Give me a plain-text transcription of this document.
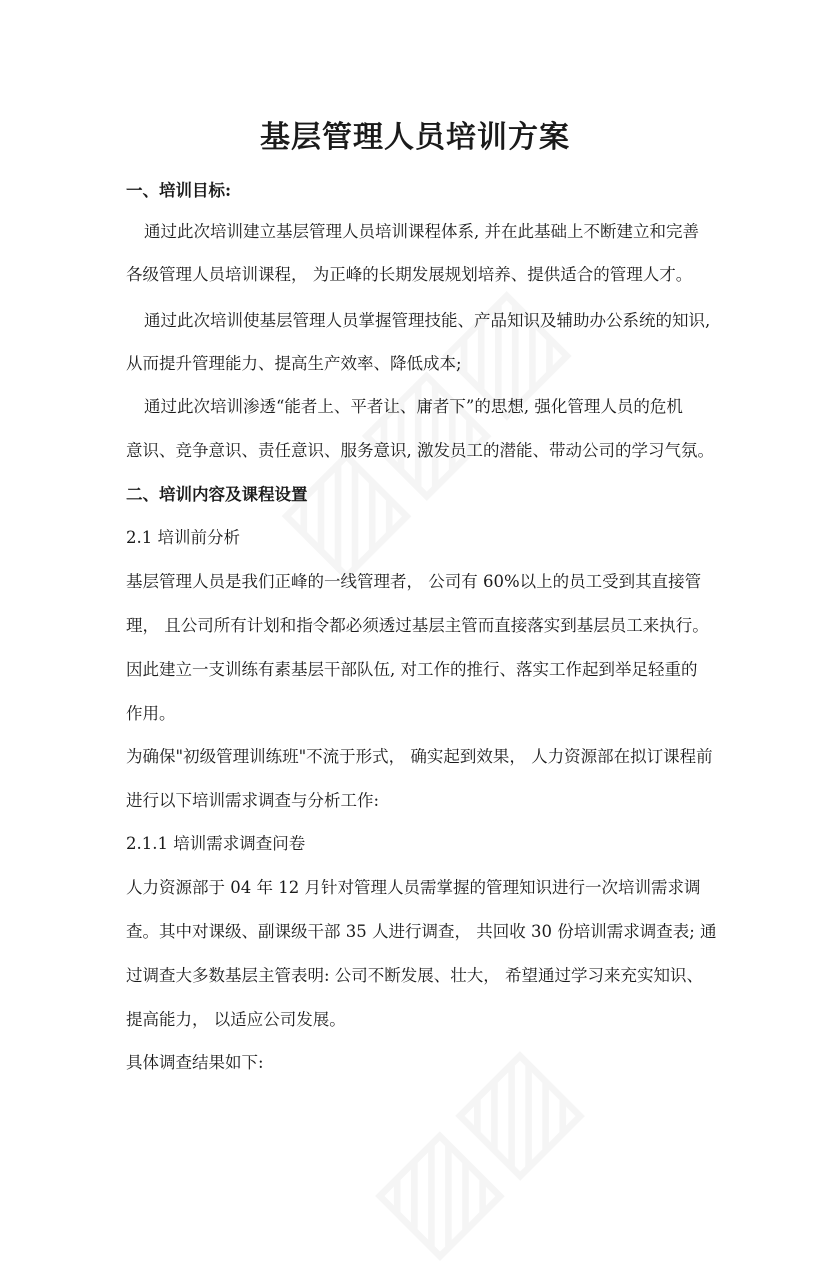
基层管理人员培训方案
一、培训目标:
通过此次培训建立基层管理人员培训课程体系, 并在此基础上不断建立和完善
各级管理人员培训课程， 为正峰的长期发展规划培养、提供适合的管理人才。
通过此次培训使基层管理人员掌握管理技能、产品知识及辅助办公系统的知识,
从而提升管理能力、提高生产效率、降低成本;
通过此次培训渗透“能者上、平者让、庸者下”的思想, 强化管理人员的危机
意识、竞争意识、责任意识、服务意识, 激发员工的潜能、带动公司的学习气氛。
二、培训内容及课程设置
2.1 培训前分析
基层管理人员是我们正峰的一线管理者， 公司有 60%以上的员工受到其直接管
理， 且公司所有计划和指令都必须透过基层主管而直接落实到基层员工来执行。
因此建立一支训练有素基层干部队伍, 对工作的推行、落实工作起到举足轻重的
作用。
为确保"初级管理训练班"不流于形式， 确实起到效果， 人力资源部在拟订课程前
进行以下培训需求调查与分析工作:
2.1.1 培训需求调查问卷
人力资源部于 04 年 12 月针对管理人员需掌握的管理知识进行一次培训需求调
查。其中对课级、副课级干部 35 人进行调查， 共回收 30 份培训需求调查表; 通
过调查大多数基层主管表明: 公司不断发展、壮大， 希望通过学习来充实知识、
提高能力， 以适应公司发展。
具体调查结果如下:
